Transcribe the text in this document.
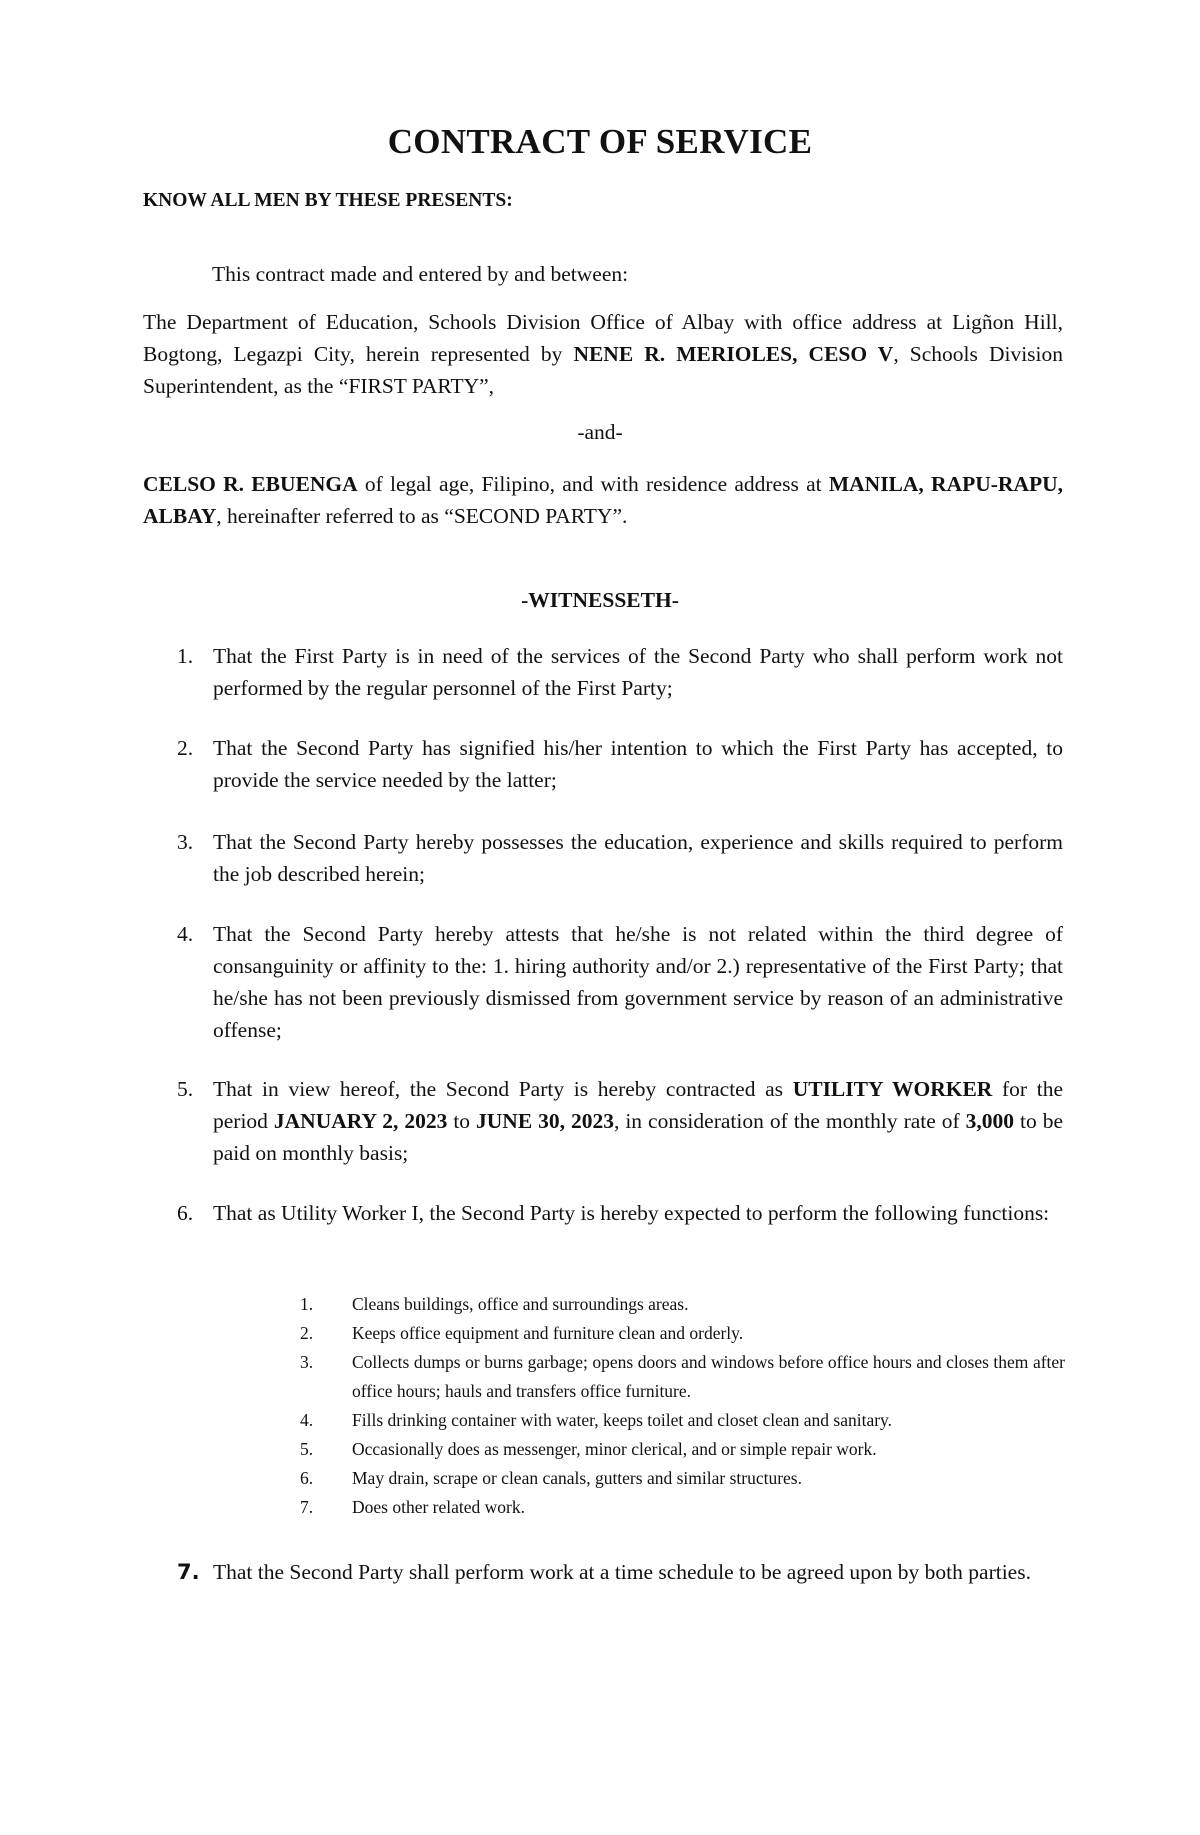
CONTRACT OF SERVICE
KNOW ALL MEN BY THESE PRESENTS:
This contract made and entered by and between:
The Department of Education, Schools Division Office of Albay with office address at Ligñon Hill, Bogtong, Legazpi City, herein represented by NENE R. MERIOLES, CESO V, Schools Division Superintendent, as the “FIRST PARTY”,
-and-
CELSO R. EBUENGA of legal age, Filipino, and with residence address at MANILA, RAPU-RAPU, ALBAY, hereinafter referred to as “SECOND PARTY”.
-WITNESSETH-
1. That the First Party is in need of the services of the Second Party who shall perform work not performed by the regular personnel of the First Party;
2. That the Second Party has signified his/her intention to which the First Party has accepted, to provide the service needed by the latter;
3. That the Second Party hereby possesses the education, experience and skills required to perform the job described herein;
4. That the Second Party hereby attests that he/she is not related within the third degree of consanguinity or affinity to the: 1. hiring authority and/or 2.) representative of the First Party; that he/she has not been previously dismissed from government service by reason of an administrative offense;
5. That in view hereof, the Second Party is hereby contracted as UTILITY WORKER for the period JANUARY 2, 2023 to JUNE 30, 2023, in consideration of the monthly rate of 3,000 to be paid on monthly basis;
6. That as Utility Worker I, the Second Party is hereby expected to perform the following functions:
1.	Cleans buildings, office and surroundings areas.
2.	Keeps office equipment and furniture clean and orderly.
3.	Collects dumps or burns garbage; opens doors and windows before office hours and closes them after office hours; hauls and transfers office furniture.
4.	Fills drinking container with water, keeps toilet and closet clean and sanitary.
5.	Occasionally does as messenger, minor clerical, and or simple repair work.
6.	May drain, scrape or clean canals, gutters and similar structures.
7.	Does other related work.
7. That the Second Party shall perform work at a time schedule to be agreed upon by both parties.
